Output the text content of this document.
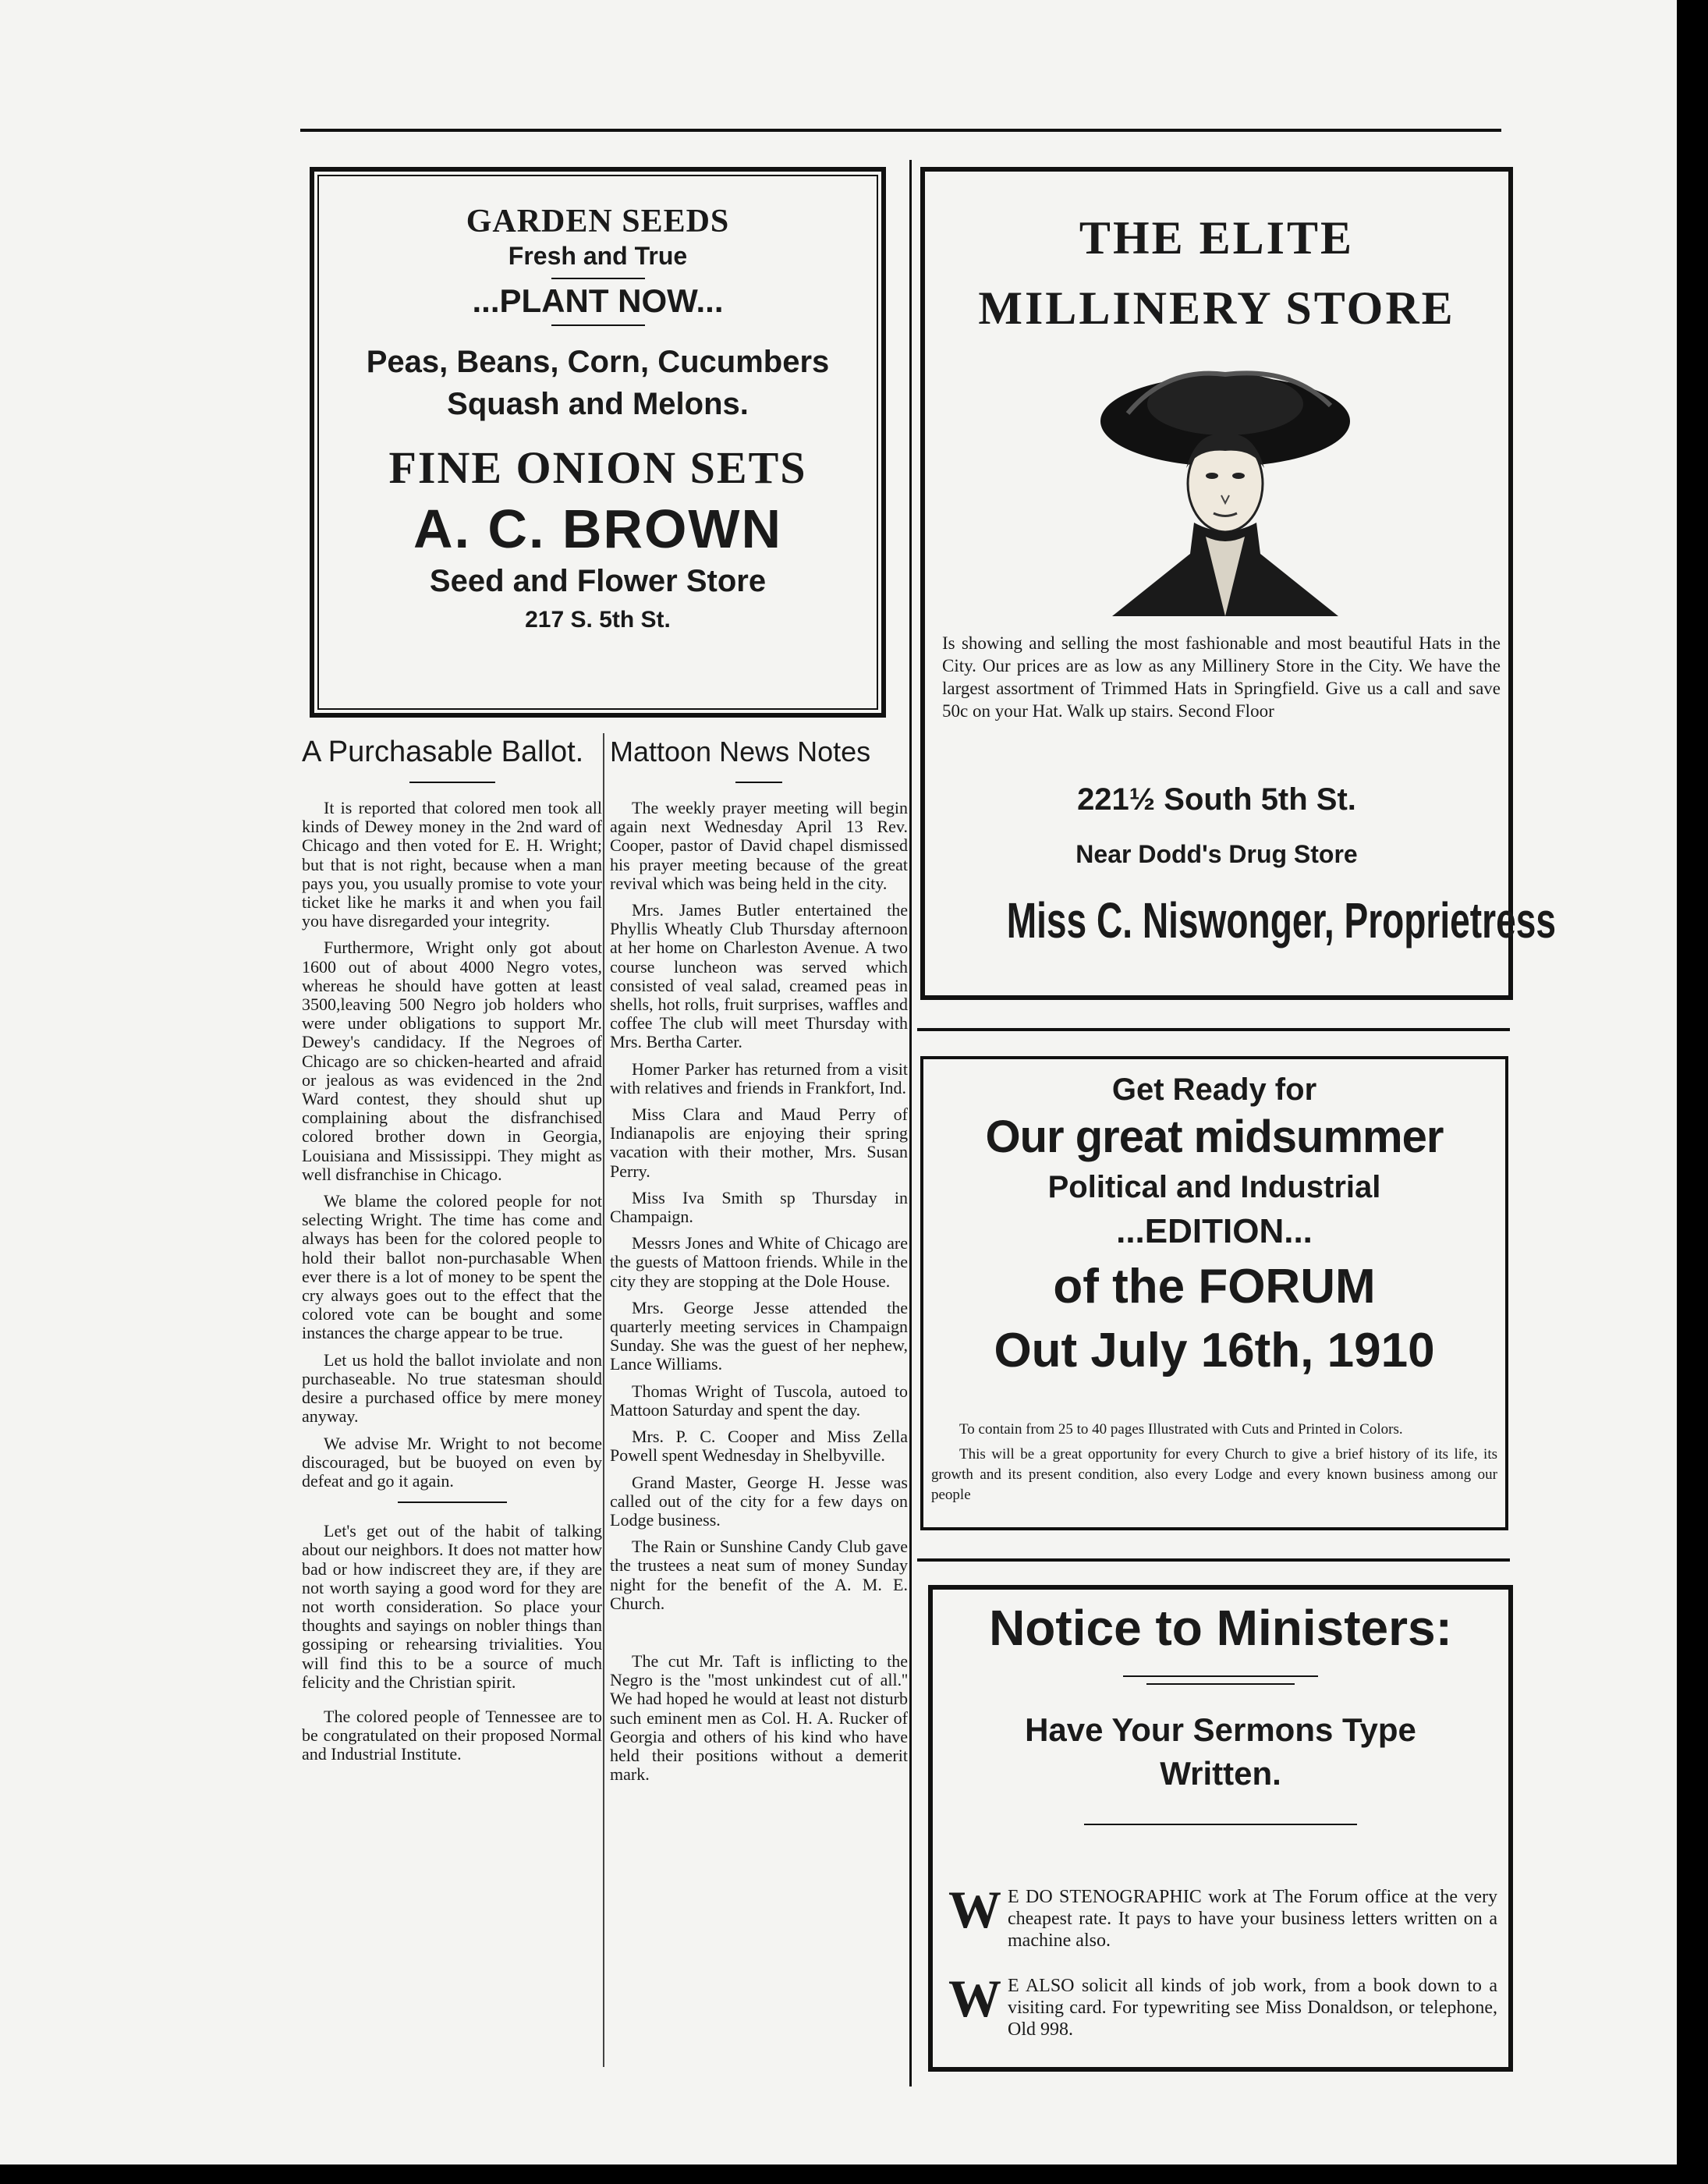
GARDEN SEEDS
Fresh and True
...PLANT NOW...
Peas, Beans, Corn, Cucumbers
Squash and Melons.
FINE ONION SETS
A. C. BROWN
Seed and Flower Store
217 S. 5th St.
THE ELITE
MILLINERY STORE
Is showing and selling the most fashionable and most beautiful Hats in the City. Our prices are as low as any Millinery Store in the City. We have the largest assortment of Trimmed Hats in Springfield. Give us a call and save 50c on your Hat. Walk up stairs. Second Floor
221½ South 5th St.
Near Dodd's Drug Store
Miss C. Niswonger, Proprietress
A Purchasable Ballot.

It is reported that colored men took all kinds of Dewey money in the 2nd ward of Chicago and then voted for E. H. Wright; but that is not right, because when a man pays you, you usually promise to vote your ticket like he marks it and when you fail you have disregarded your integrity.

Furthermore, Wright only got about 1600 out of about 4000 Negro votes, whereas he should have gotten at least 3500,leaving 500 Negro job holders who were under obligations to support Mr. Dewey's candidacy. If the Negroes of Chicago are so chicken-hearted and afraid or jealous as was evidenced in the 2nd Ward contest, they should shut up complaining about the disfranchised colored brother down in Georgia, Louisiana and Mississippi. They might as well disfranchise in Chicago.

We blame the colored people for not selecting Wright. The time has come and always has been for the colored people to hold their ballot non-purchasable When ever there is a lot of money to be spent the cry always goes out to the effect that the colored vote can be bought and some instances the charge appear to be true.

Let us hold the ballot inviolate and non purchaseable. No true statesman should desire a purchased office by mere money anyway.

We advise Mr. Wright to not become discouraged, but be buoyed on even by defeat and go it again.

Let's get out of the habit of talking about our neighbors. It does not matter how bad or how indiscreet they are, if they are not worth saying a good word for they are not worth consideration. So place your thoughts and sayings on nobler things than gossiping or rehearsing trivialities. You will find this to be a source of much felicity and the Christian spirit.

The colored people of Tennessee are to be congratulated on their proposed Normal and Industrial Institute.

Mattoon News Notes

The weekly prayer meeting will begin again next Wednesday April 13 Rev. Cooper, pastor of David chapel dismissed his prayer meeting because of the great revival which was being held in the city.

Mrs. James Butler entertained the Phyllis Wheatly Club Thursday afternoon at her home on Charleston Avenue. A two course luncheon was served which consisted of veal salad, creamed peas in shells, hot rolls, fruit surprises, waffles and coffee The club will meet Thursday with Mrs. Bertha Carter.

Homer Parker has returned from a visit with relatives and friends in Frankfort, Ind.

Miss Clara and Maud Perry of Indianapolis are enjoying their spring vacation with their mother, Mrs. Susan Perry.

Miss Iva Smith sp Thursday in Champaign.

Messrs Jones and White of Chicago are the guests of Mattoon friends. While in the city they are stopping at the Dole House.

Mrs. George Jesse attended the quarterly meeting services in Champaign Sunday. She was the guest of her nephew, Lance Williams.

Thomas Wright of Tuscola, autoed to Mattoon Saturday and spent the day.

Mrs. P. C. Cooper and Miss Zella Powell spent Wednesday in Shelbyville.

Grand Master, George H. Jesse was called out of the city for a few days on Lodge business.

The Rain or Sunshine Candy Club gave the trustees a neat sum of money Sunday night for the benefit of the A. M. E. Church.

The cut Mr. Taft is inflicting to the Negro is the ''most unkindest cut of all.'' We had hoped he would at least not disturb such eminent men as Col. H. A. Rucker of Georgia and others of his kind who have held their positions without a demerit mark.

Get Ready for
Our great midsummer
Political and Industrial
...EDITION...
of the FORUM
Out July 16th, 1910
To contain from 25 to 40 pages Illustrated with Cuts and Printed in Colors.
This will be a great opportunity for every Church to give a brief history of its life, its growth and its present condition, also every Lodge and every known business among our people
Notice to Ministers:
Have Your Sermons Type
Written.
W E DO STENOGRAPHIC work at The Forum office at the very cheapest rate. It pays to have your business letters written on a machine also.
W E ALSO solicit all kinds of job work, from a book down to a visiting card. For typewriting see Miss Donaldson, or telephone, Old 998.
